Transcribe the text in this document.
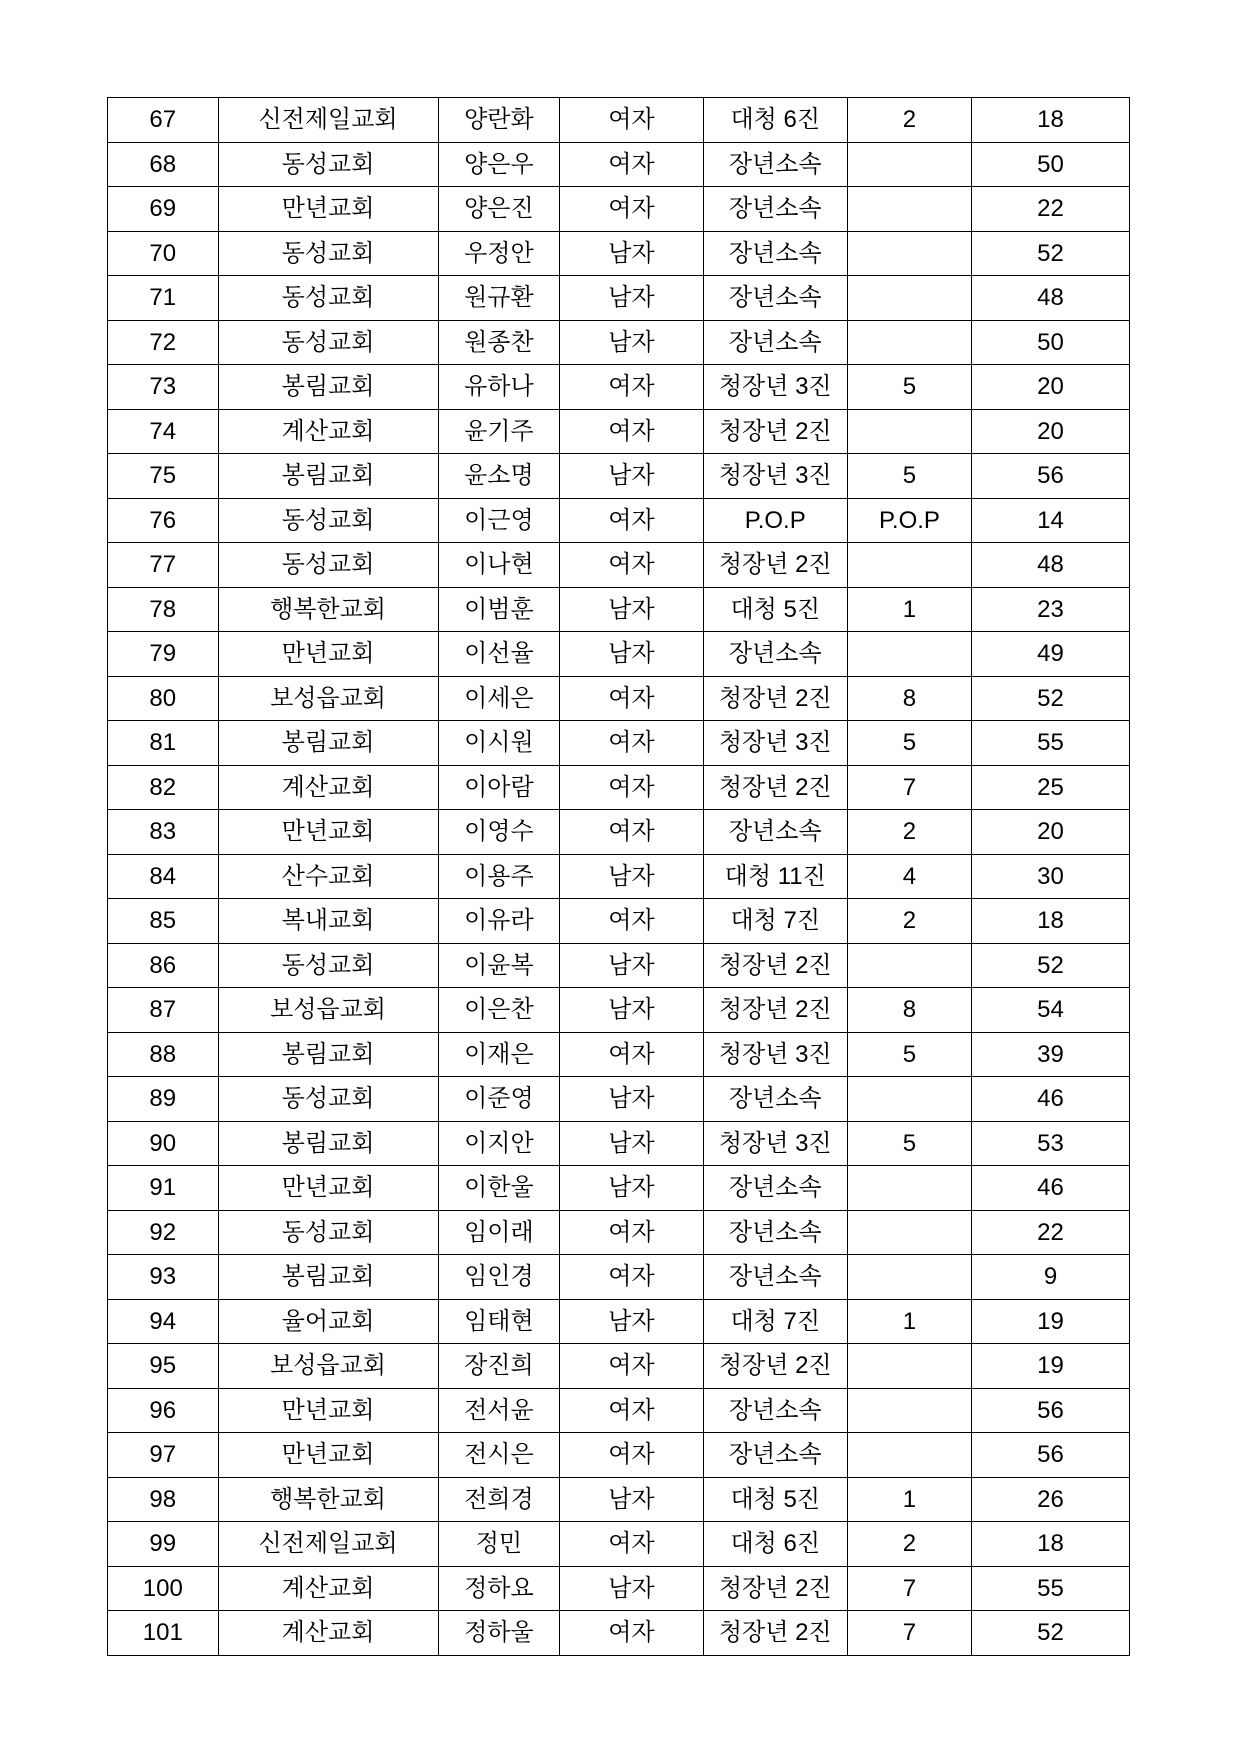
67	신전제일교회	양란화	여자	대청 6진	2	18
68	동성교회	양은우	여자	장년소속		50
69	만년교회	양은진	여자	장년소속		22
70	동성교회	우정안	남자	장년소속		52
71	동성교회	원규환	남자	장년소속		48
72	동성교회	원종찬	남자	장년소속		50
73	봉림교회	유하나	여자	청장년 3진	5	20
74	계산교회	윤기주	여자	청장년 2진		20
75	봉림교회	윤소명	남자	청장년 3진	5	56
76	동성교회	이근영	여자	P.O.P	P.O.P	14
77	동성교회	이나현	여자	청장년 2진		48
78	행복한교회	이범훈	남자	대청 5진	1	23
79	만년교회	이선율	남자	장년소속		49
80	보성읍교회	이세은	여자	청장년 2진	8	52
81	봉림교회	이시원	여자	청장년 3진	5	55
82	계산교회	이아람	여자	청장년 2진	7	25
83	만년교회	이영수	여자	장년소속	2	20
84	산수교회	이용주	남자	대청 11진	4	30
85	복내교회	이유라	여자	대청 7진	2	18
86	동성교회	이윤복	남자	청장년 2진		52
87	보성읍교회	이은찬	남자	청장년 2진	8	54
88	봉림교회	이재은	여자	청장년 3진	5	39
89	동성교회	이준영	남자	장년소속		46
90	봉림교회	이지안	남자	청장년 3진	5	53
91	만년교회	이한울	남자	장년소속		46
92	동성교회	임이래	여자	장년소속		22
93	봉림교회	임인경	여자	장년소속		9
94	율어교회	임태현	남자	대청 7진	1	19
95	보성읍교회	장진희	여자	청장년 2진		19
96	만년교회	전서윤	여자	장년소속		56
97	만년교회	전시은	여자	장년소속		56
98	행복한교회	전희경	남자	대청 5진	1	26
99	신전제일교회	정민	여자	대청 6진	2	18
100	계산교회	정하요	남자	청장년 2진	7	55
101	계산교회	정하울	여자	청장년 2진	7	52
